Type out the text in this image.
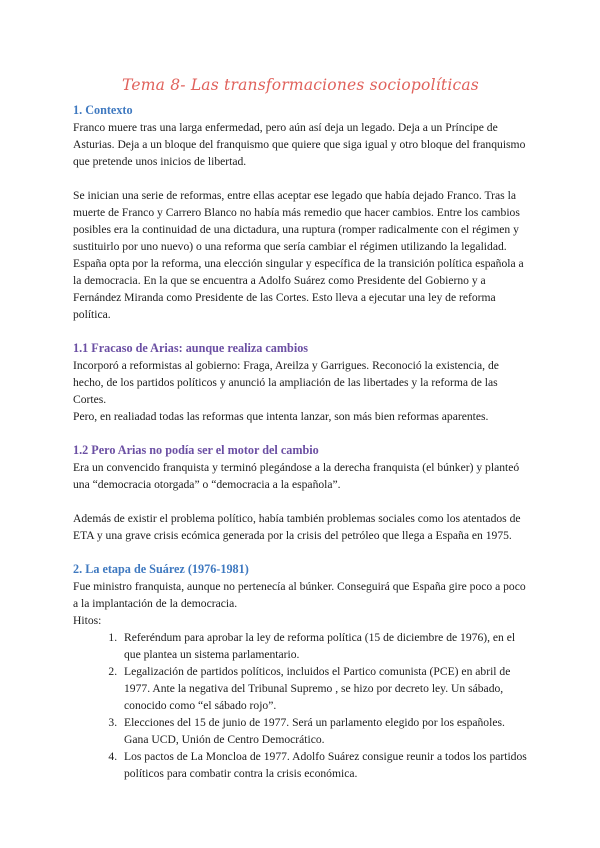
Tema 8- Las transformaciones sociopolíticas
1. Contexto

Franco muere tras una larga enfermedad, pero aún así deja un legado. Deja a un Príncipe de Asturias. Deja a un bloque del franquismo que quiere que siga igual y otro bloque del franquismo que pretende unos inicios de libertad.

Se inician una serie de reformas, entre ellas aceptar ese legado que había dejado Franco. Tras la muerte de Franco y Carrero Blanco no había más remedio que hacer cambios. Entre los cambios posibles era la continuidad de una dictadura, una ruptura (romper radicalmente con el régimen y sustituirlo por uno nuevo) o una reforma que sería cambiar el régimen utilizando la legalidad.

España opta por la reforma, una elección singular y específica de la transición política española a la democracia. En la que se encuentra a Adolfo Suárez como Presidente del Gobierno y a Fernández Miranda como Presidente de las Cortes. Esto lleva a ejecutar una ley de reforma política.

1.1 Fracaso de Arias: aunque realiza cambios

Incorporó a reformistas al gobierno: Fraga, Areilza y Garrigues. Reconoció la existencia, de hecho, de los partidos políticos y anunció la ampliación de las libertades y la reforma de las Cortes.

Pero, en realiadad todas las reformas que intenta lanzar, son más bien reformas aparentes.

1.2 Pero Arias no podía ser el motor del cambio

Era un convencido franquista y terminó plegándose a la derecha franquista (el búnker) y planteó una “democracia otorgada” o “democracia a la española”.

Además de existir el problema político, había también problemas sociales como los atentados de ETA y una grave crisis ecómica generada por la crisis del petróleo que llega a España en 1975.

2. La etapa de Suárez (1976-1981)

Fue ministro franquista, aunque no pertenecía al búnker. Conseguirá que España gire poco a poco a la implantación de la democracia.

Hitos:

1. Referéndum para aprobar la ley de reforma política (15 de diciembre de 1976), en el que plantea un sistema parlamentario.
2. Legalización de partidos políticos, incluidos el Partico comunista (PCE) en abril de 1977. Ante la negativa del Tribunal Supremo , se hizo por decreto ley. Un sábado, conocido como “el sábado rojo”.
3. Elecciones del 15 de junio de 1977. Será un parlamento elegido por los españoles. Gana UCD, Unión de Centro Democrático.
4. Los pactos de La Moncloa de 1977. Adolfo Suárez consigue reunir a todos los partidos políticos para combatir contra la crisis económica.
